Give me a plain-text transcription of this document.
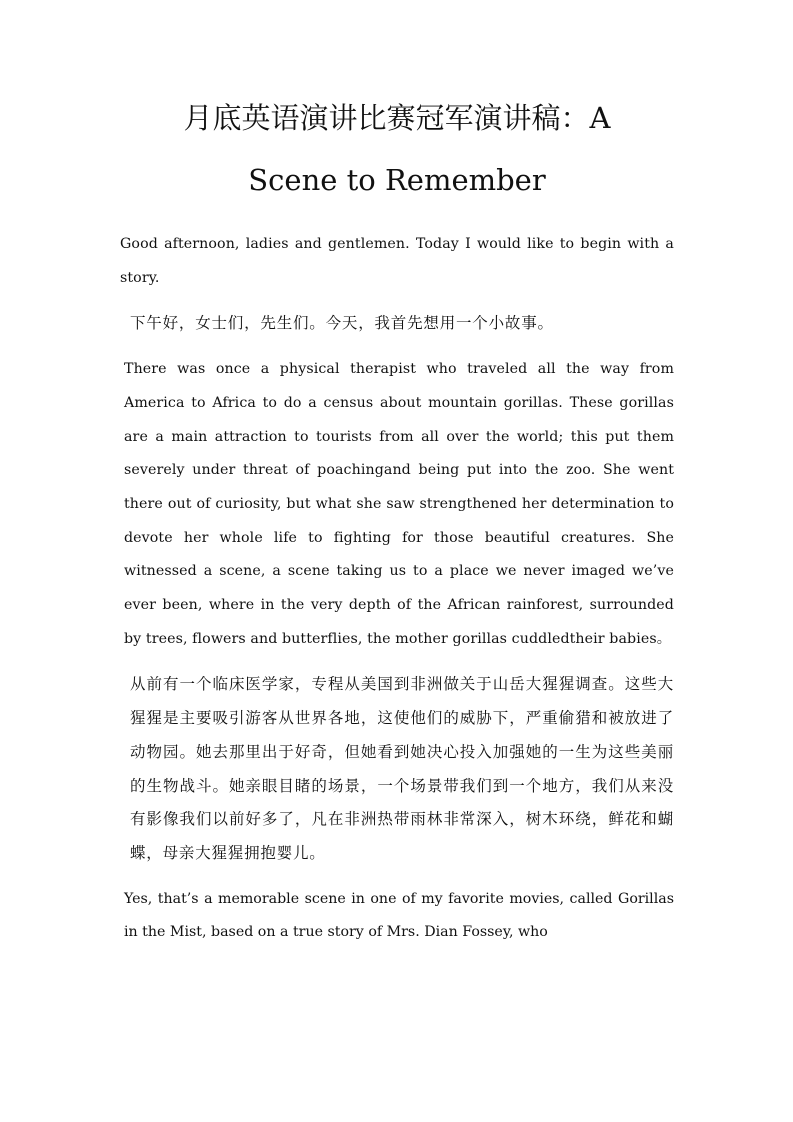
月底英语演讲比赛冠军演讲稿：A
Scene to Remember

Good afternoon, ladies and gentlemen. Today I would like to begin with a story.

下午好，女士们，先生们。今天，我首先想用一个小故事。

There was once a physical therapist who traveled all the way from America to Africa to do a census about mountain gorillas. These gorillas are a main attraction to tourists from all over the world; this put them severely under threat of poachingand being put into the zoo. She went there out of curiosity, but what she saw strengthened her determination to devote her whole life to fighting for those beautiful creatures. She witnessed a scene, a scene taking us to a place we never imaged we’ve ever been, where in the very depth of the African rainforest, surrounded by trees, flowers and butterflies, the mother gorillas cuddledtheir babies。

从前有一个临床医学家，专程从美国到非洲做关于山岳大猩猩调查。这些大猩猩是主要吸引游客从世界各地，这使他们的威胁下，严重偷猎和被放进了动物园。她去那里出于好奇，但她看到她决心投入加强她的一生为这些美丽的生物战斗。她亲眼目睹的场景，一个场景带我们到一个地方，我们从来没有影像我们以前好多了，凡在非洲热带雨林非常深入，树木环绕，鲜花和蝴蝶，母亲大猩猩拥抱婴儿。

Yes, that’s a memorable scene in one of my favorite movies, called Gorillas in the Mist, based on a true story of Mrs. Dian Fossey, who
